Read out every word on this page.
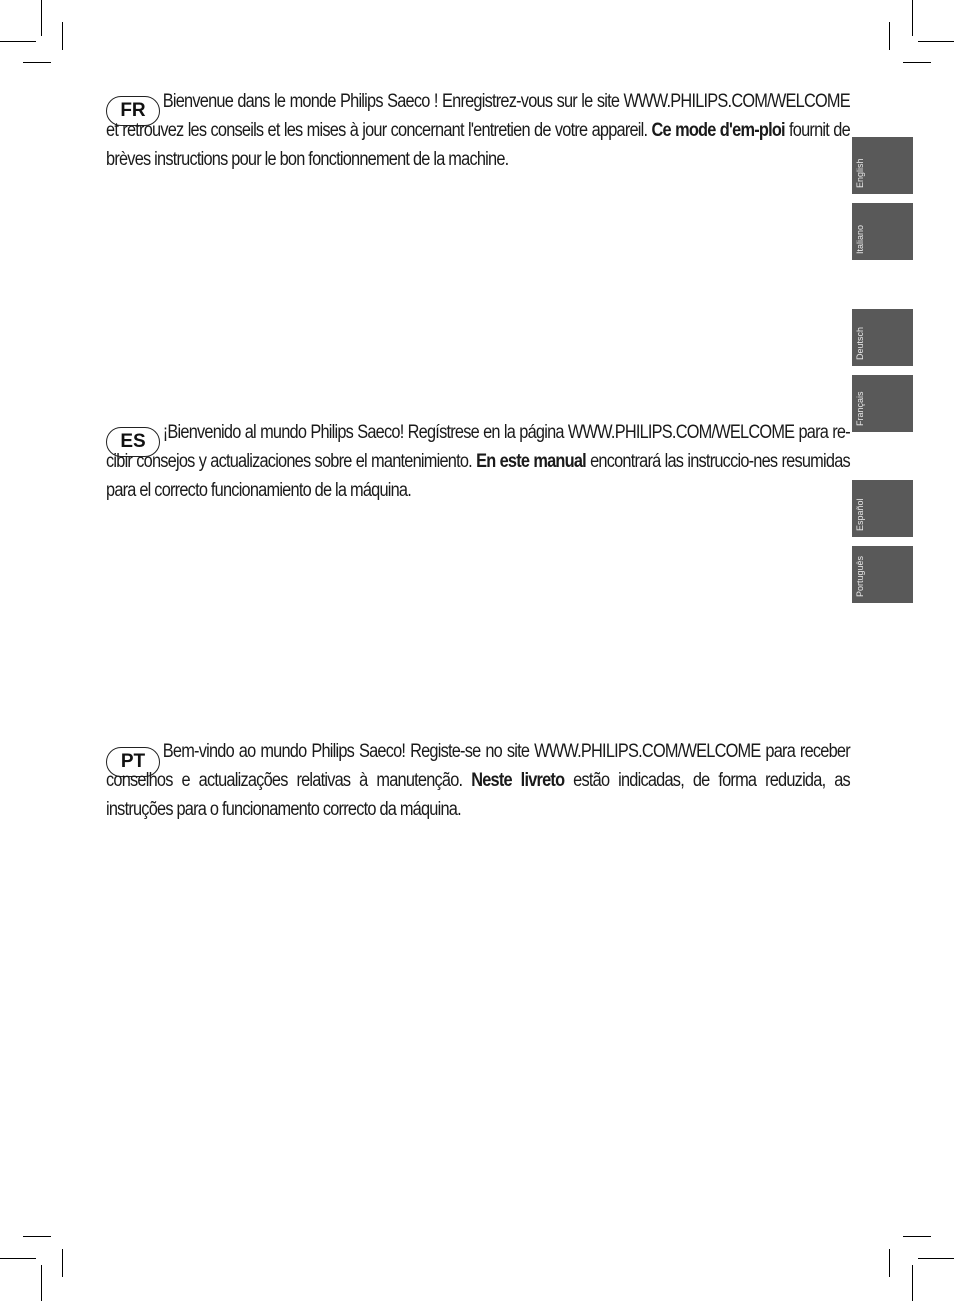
FR Bienvenue dans le monde Philips Saeco ! Enregistrez-vous sur le site WWW.PHILIPS.COM/WELCOME et retrouvez les conseils et les mises à jour concernant l'entretien de votre appareil. Ce mode d'em-ploi fournit de brèves instructions pour le bon fonctionnement de la machine.

ES ¡Bienvenido al mundo Philips Saeco! Regístrese en la página WWW.PHILIPS.COM/WELCOME para re-cibir consejos y actualizaciones sobre el mantenimiento. En este manual encontrará las instruccio-nes resumidas para el correcto funcionamiento de la máquina.

PT Bem-vindo ao mundo Philips Saeco! Registe-se no site WWW.PHILIPS.COM/WELCOME para receber conselhos e actualizações relativas à manutenção. Neste livreto estão indicadas, de forma reduzida, as instruções para o funcionamento correcto da máquina.

English
Italiano
Deutsch
Français
Español
Português
